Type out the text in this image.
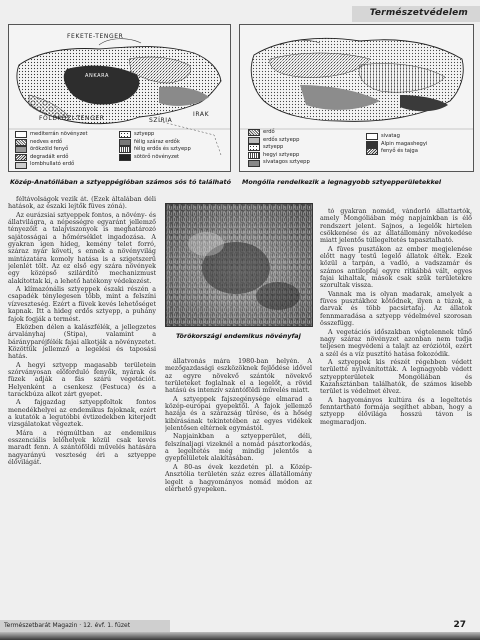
Természetvédelem
FEKETE-TENGER
FÖLDKÖZI-TENGER
IRAK
SZÍRIA
ANKARA
mediterrán növényzet
nedves erdő
örökzöld fenyő
degradált erdő
lombhullató erdő
sztyepp
félig száraz erdők
félig erdős és sztyepp
sötörő növényzet
erdő
erdős sztyepp
sztyepp
hegyi sztyepp
sivatagos sztyepp
sivatag
Alpin magashegyi
fenyő és tajga
Közép-Anatóliában a sztyeppégióban számos sós tó található Mongólia rendelkezik a legnagyobb sztyepperületekkel

féltávolságok vezik át. (Ezek általában déli hatások, az északi lejtők füves zóná).

Az eurázsiai sztyeppek fontos, a növény- és állatvilágra, a népességre egyaránt jellemző tényezőit a talajviszonyok is meghatározó sajátosságai a hőmérséklet ingadozása. A gyakran igen hideg, kemény telet forró, száraz nyár követi, s ennek a növényvilág mintázatára komoly hatása is a szigetszerű jelenlét tölt. Az ez első egy szára növények egy középső szilárdító mechanizmust alakítottak ki, a lehető hatékony védekezést.

A klímazónális sztyeppek északi részén a csapadék ténylegesen több, mint a felszíni vízveszteség. Ezért a füvek kevés lehetőséget kapnak. Itt a hideg erdős sztyepp, a puhány fajok fogják a termést.

Eközben délen a kalászfélék, a jellegzetes árvalányhaj (Stipa), valamint a bárányparéjfélék fajai alkotják a növényzetet. Közöttük jellemző a legelési és taposási hatás.

A hegyi sztyepp magasabb területein szórványosan előforduló fenyők, nyárak és füzek adják a fás szárú vegetációt. Helyenként a csenkesz (Festuca) és a tarackbúza alkot zárt gyepet.

A fajgazdag sztyeppfoltok fontos menedékhelyei az endemikus fajoknak, ezért a kutatók a legutóbbi évtizedekben kiterjedt vizsgálatokat végeztek.

Mára a régmúltban az endemikus esszenciális lelőhelyek közül csak kevés maradt fenn. A szántóföldi művelés hatására nagyarányú veszteség éri a sztyeppe élővilágát.

Törökországi endemikus növényfaj

állatvonás mára 1980-ban helyén. A mezőgazdasági eszközöknek fejlődése idővel az egyre növekvő szántók növekvő területeket foglalnak el a legelőt, a rövid hatású és intenzív szántóföldi művelés miatt.

A sztyeppek fajszegénysége elmarad a közép-európai gyepektől. A fajok jellemző hazája és a szárazság tűrése, és a hőség kibírásának tekintetében az egyes vidékek jelentősen eltérnek egymástól.

Napjainkban a sztyepperület, déli, felszínaljagi vizeknél a nomád pásztorkodás, a legeltetés még mindig jelentős a gyepfelületek alakításában.

A 80-as évek kezdetén pl. a Közép-Ansztólia területén száz ezres állatállomány legelt a hagyományos nomád módon az elérhető gyepeken.

tó gyakran nomád, vándorló állattartók, amely Mongóliában még napjainkban is élő rendszert jelent. Sajnos, a legelők hirtelen csökkenése és az állatállomány növekedése miatt jelentős túllegeltetés tapasztalható.

A füves pusztákon az ember megjelenése előtt nagy testű legelő állatok éltek. Ezek közül a tarpán, a vadló, a vadszamár és számos antilopfaj egyre ritkábbá vált, egyes fajai kihaltak, mások csak szűk területekre szorultak vissza.

Vannak ma is olyan madarak, amelyek a füves pusztákhoz kötődnek, ilyen a túzok, a darvak és több pacsirtafaj. Az állatok fennmaradása a sztyepp védelmével szorosan összefügg.

A vegetációs időszakban végtelennek tűnő nagy száraz növényzet azonban nem tudja teljesen megvédeni a talajt az eróziótól, ezért a szél és a víz pusztító hatása fokozódik.

A sztyeppek kis részét régebben védett területté nyilvánították. A legnagyobb védett sztyeppterületek Mongóliában és Kazahsztánban találhatók, de számos kisebb terület is védelmet élvez.

A hagyományos kultúra és a legeltetés fenntartható formája segíthet abban, hogy a sztyepp élővilága hosszú távon is megmaradjon.

Természetbarát Magazin · 12. évf. 1. füzet	27
